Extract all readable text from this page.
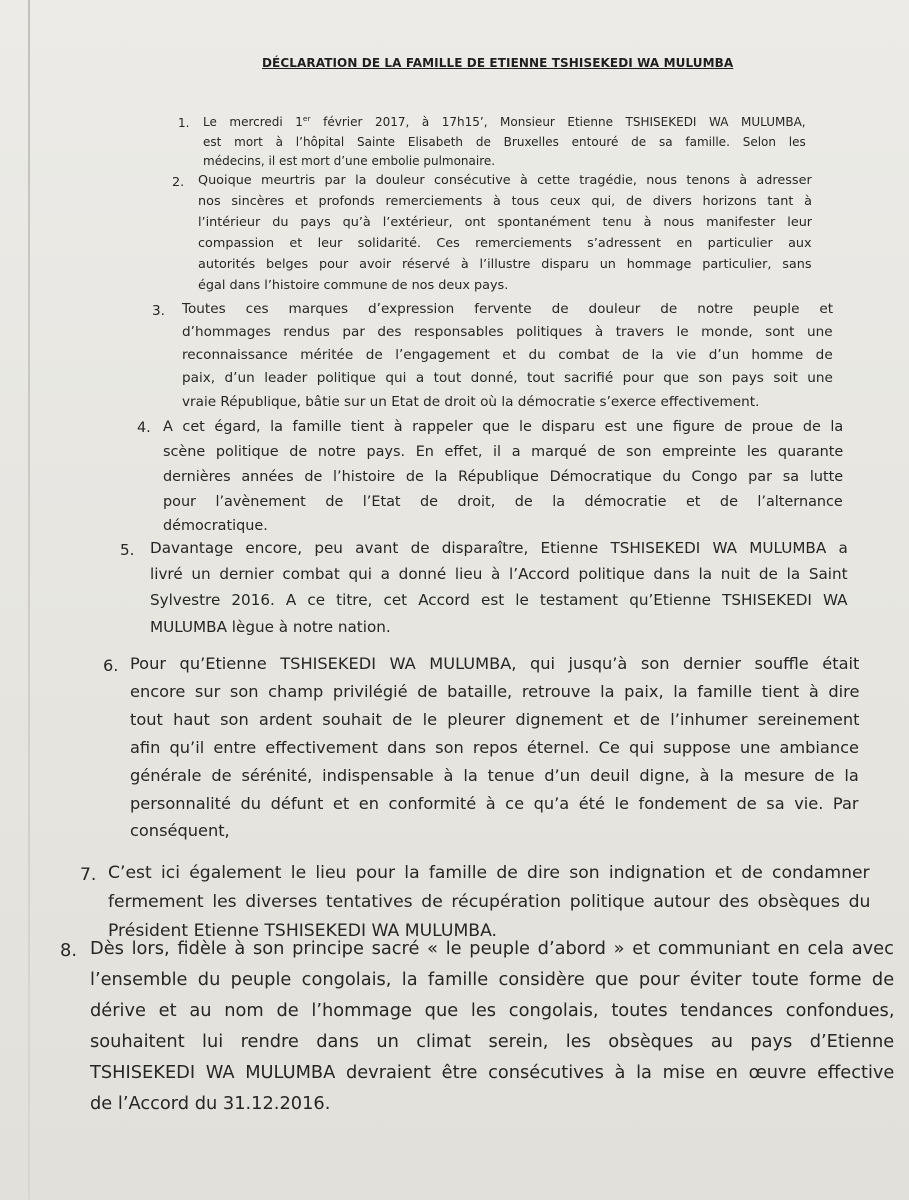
DÉCLARATION DE LA FAMILLE DE ETIENNE TSHISEKEDI WA MULUMBA
1. Le mercredi 1er février 2017, à 17h15’, Monsieur Etienne TSHISEKEDI WA MULUMBA,
est mort à l’hôpital Sainte Elisabeth de Bruxelles entouré de sa famille. Selon les
médecins, il est mort d’une embolie pulmonaire.
2. Quoique meurtris par la douleur consécutive à cette tragédie, nous tenons à adresser
nos sincères et profonds remerciements à tous ceux qui, de divers horizons tant à
l’intérieur du pays qu’à l’extérieur, ont spontanément tenu à nous manifester leur
compassion et leur solidarité. Ces remerciements s’adressent en particulier aux
autorités belges pour avoir réservé à l’illustre disparu un hommage particulier, sans
égal dans l’histoire commune de nos deux pays.
3. Toutes ces marques d’expression fervente de douleur de notre peuple et
d’hommages rendus par des responsables politiques à travers le monde, sont une
reconnaissance méritée de l’engagement et du combat de la vie d’un homme de
paix, d’un leader politique qui a tout donné, tout sacrifié pour que son pays soit une
vraie République, bâtie sur un Etat de droit où la démocratie s’exerce effectivement.
4. A cet égard, la famille tient à rappeler que le disparu est une figure de proue de la
scène politique de notre pays. En effet, il a marqué de son empreinte les quarante
dernières années de l’histoire de la République Démocratique du Congo par sa lutte
pour l’avènement de l’Etat de droit, de la démocratie et de l’alternance
démocratique.
5. Davantage encore, peu avant de disparaître, Etienne TSHISEKEDI WA MULUMBA a
livré un dernier combat qui a donné lieu à l’Accord politique dans la nuit de la Saint
Sylvestre 2016. A ce titre, cet Accord est le testament qu’Etienne TSHISEKEDI WA
MULUMBA lègue à notre nation.
6. Pour qu’Etienne TSHISEKEDI WA MULUMBA, qui jusqu’à son dernier souffle était
encore sur son champ privilégié de bataille, retrouve la paix, la famille tient à dire
tout haut son ardent souhait de le pleurer dignement et de l’inhumer sereinement
afin qu’il entre effectivement dans son repos éternel. Ce qui suppose une ambiance
générale de sérénité, indispensable à la tenue d’un deuil digne, à la mesure de la
personnalité du défunt et en conformité à ce qu’a été le fondement de sa vie. Par
conséquent,
7. C’est ici également le lieu pour la famille de dire son indignation et de condamner
fermement les diverses tentatives de récupération politique autour des obsèques du
Président Etienne TSHISEKEDI WA MULUMBA.
8. Dès lors, fidèle à son principe sacré « le peuple d’abord » et communiant en cela avec
l’ensemble du peuple congolais, la famille considère que pour éviter toute forme de
dérive et au nom de l’hommage que les congolais, toutes tendances confondues,
souhaitent lui rendre dans un climat serein, les obsèques au pays d’Etienne
TSHISEKEDI WA MULUMBA devraient être consécutives à la mise en œuvre effective
de l’Accord du 31.12.2016.
